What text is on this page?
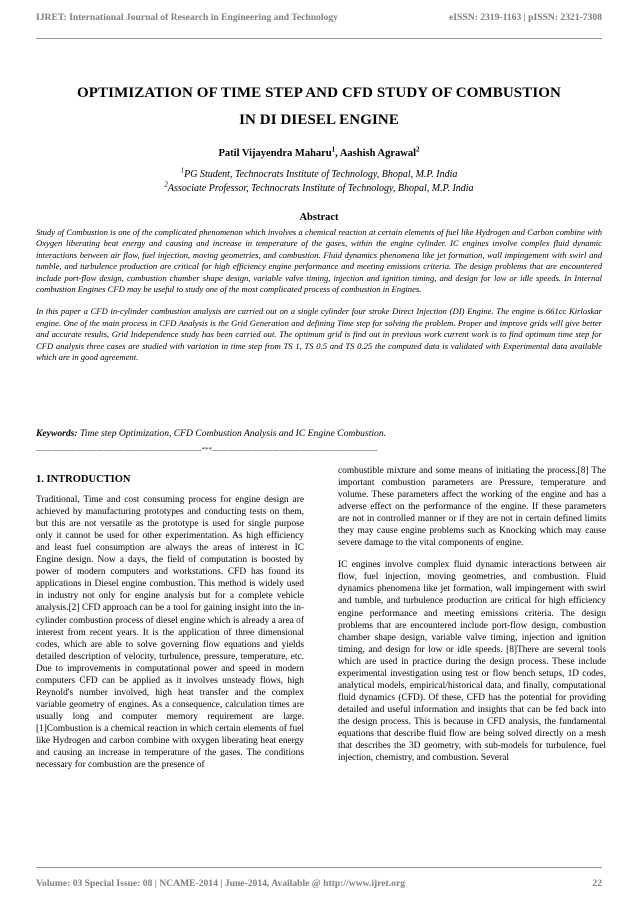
IJRET: International Journal of Research in Engineering and Technology	eISSN: 2319-1163 | pISSN: 2321-7308
OPTIMIZATION OF TIME STEP AND CFD STUDY OF COMBUSTION
IN DI DIESEL ENGINE
Patil Vijayendra Maharu$^1$, Aashish Agrawal$^2$
$^1$PG Student, Technocrats Institute of Technology, Bhopal, M.P. India
$^2$Associate Professor, Technocrats Institute of Technology, Bhopal, M.P. India
Abstract

Study of Combustion is one of the complicated phenomenon which involves a chemical reaction at certain elements of fuel like Hydrogen and Carbon combine with Oxygen liberating heat energy and causing and increase in temperature of the gases, within the engine cylinder. IC engines involve complex fluid dynamic interactions between air flow, fuel injection, moving geometries, and combustion. Fluid dynamics phenomena like jet formation, wall impingement with swirl and tumble, and turbulence production are critical for high efficiency engine performance and meeting emissions criteria. The design problems that are encountered include port-flow design, combustion chamber shape design, variable valve timing, injection and ignition timing, and design for low or idle speeds. In Internal combustion Engines CFD may be useful to study one of the most complicated process of combustion in Engines.

In this paper a CFD in-cylinder combustion analysis are carried out on a single cylinder four stroke Direct Injection (DI) Engine. The engine is 661cc Kirloskar engine. One of the main process in CFD Analysis is the Grid Generation and defining Time step for solving the problem. Proper and improve grids will give better and accurate results, Grid Independence study has been carried out. The optimum grid is find out in previous work current work is to find optimum time step for CFD analysis three cases are studied with variation in time step from TS 1, TS 0.5 and TS 0.25 the computed data is validated with Experimental data available which are in good agreement.

Keywords: Time step Optimization, CFD Combustion Analysis and IC Engine Combustion.
-----------------------------------------------------------------------***-----------------------------------------------------------------------
1. INTRODUCTION

Traditional, Time and cost consuming process for engine design are achieved by manufacturing prototypes and conducting tests on them, but this are not versatile as the prototype is used for single purpose only it cannot be used for other experimentation. As high efficiency and least fuel consumption are always the areas of interest in IC Engine design. Now a days, the field of computation is boosted by power of modern computers and workstations. CFD has found its applications in Diesel engine combustion. This method is widely used in industry not only for engine analysis but for a complete vehicle analysis.[2] CFD approach can be a tool for gaining insight into the in-cylinder combustion process of diesel engine which is already a area of interest from recent years. It is the application of three dimensional codes, which are able to solve governing flow equations and yields detailed description of velocity, turbulence, pressure, temperature, etc. Due to improvements in computational power and speed in modern computers CFD can be applied as it involves unsteady flows, high Reynold's number involved, high heat transfer and the complex variable geometry of engines. As a consequence, calculation times are usually long and computer memory requirement are large.[1]Combustion is a chemical reaction in which certain elements of fuel like Hydrogen and carbon combine with oxygen liberating heat energy and causing an increase in temperature of the gases. The conditions necessary for combustion are the presence of

combustible mixture and some means of initiating the process.[8] The important combustion parameters are Pressure, temperature and volume. These parameters affect the working of the engine and has a adverse effect on the performance of the engine. If these parameters are not in controlled manner or if they are not in certain defined limits they may cause engine problems such as Knocking which may cause severe damage to the vital components of engine.

IC engines involve complex fluid dynamic interactions between air flow, fuel injection, moving geometries, and combustion. Fluid dynamics phenomena like jet formation, wall impingement with swirl and tumble, and turbulence production are critical for high efficiency engine performance and meeting emissions criteria. The design problems that are encountered include port-flow design, combustion chamber shape design, variable valve timing, injection and ignition timing, and design for low or idle speeds. [8]There are several tools which are used in practice during the design process. These include experimental investigation using test or flow bench setups, 1D codes, analytical models, empirical/historical data, and finally, computational fluid dynamics (CFD). Of these, CFD has the potential for providing detailed and useful information and insights that can be fed back into the design process. This is because in CFD analysis, the fundamental equations that describe fluid flow are being solved directly on a mesh that describes the 3D geometry, with sub-models for turbulence, fuel injection, chemistry, and combustion. Several

Volume: 03 Special Issue: 08 | NCAME-2014 | June-2014, Available @ http://www.ijret.org	22
